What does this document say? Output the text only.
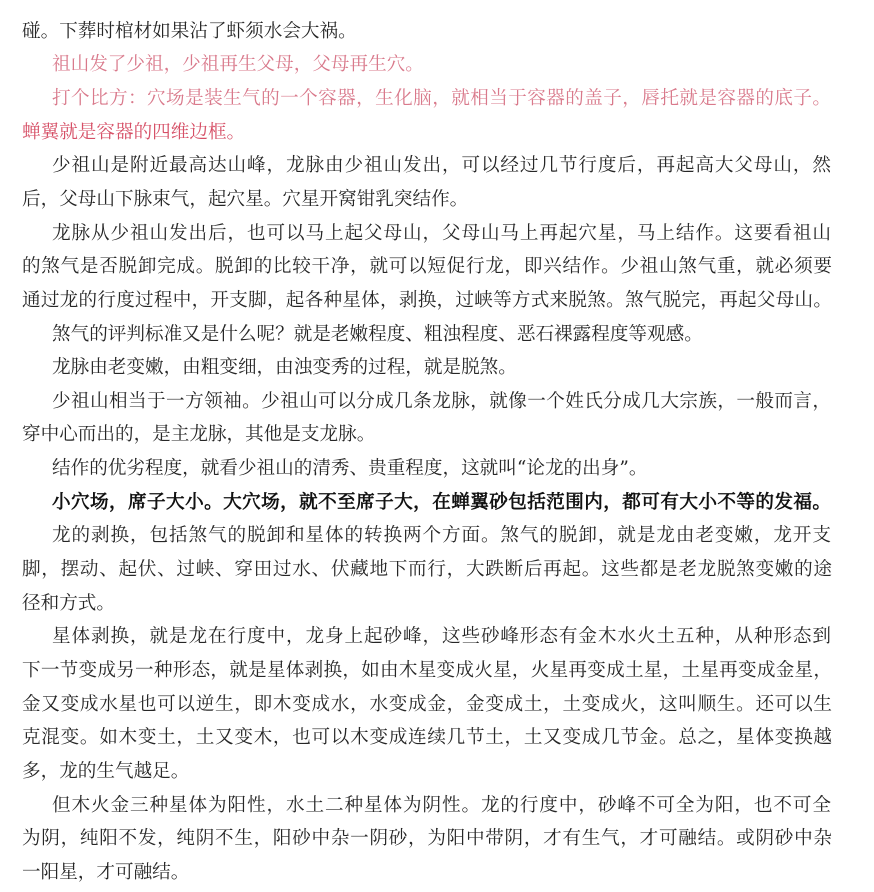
碰。下葬时棺材如果沾了虾须水会大祸。
祖山发了少祖，少祖再生父母，父母再生穴。
打个比方：穴场是装生气的一个容器，生化脑，就相当于容器的盖子，唇托就是容器的底子。
蝉翼就是容器的四维边框。
少祖山是附近最高达山峰，龙脉由少祖山发出，可以经过几节行度后，再起高大父母山，然
后，父母山下脉束气，起穴星。穴星开窝钳乳突结作。
龙脉从少祖山发出后，也可以马上起父母山，父母山马上再起穴星，马上结作。这要看祖山
的煞气是否脱卸完成。脱卸的比较干净，就可以短促行龙，即兴结作。少祖山煞气重，就必须要
通过龙的行度过程中，开支脚，起各种星体，剥换，过峡等方式来脱煞。煞气脱完，再起父母山。
煞气的评判标准又是什么呢？就是老嫩程度、粗浊程度、恶石裸露程度等观感。
龙脉由老变嫩，由粗变细，由浊变秀的过程，就是脱煞。
少祖山相当于一方领袖。少祖山可以分成几条龙脉，就像一个姓氏分成几大宗族，一般而言，
穿中心而出的，是主龙脉，其他是支龙脉。
结作的优劣程度，就看少祖山的清秀、贵重程度，这就叫“论龙的出身”。
小穴场，席子大小。大穴场，就不至席子大，在蝉翼砂包括范围内，都可有大小不等的发福。
龙的剥换，包括煞气的脱卸和星体的转换两个方面。煞气的脱卸，就是龙由老变嫩，龙开支
脚，摆动、起伏、过峡、穿田过水、伏藏地下而行，大跌断后再起。这些都是老龙脱煞变嫩的途
径和方式。
星体剥换，就是龙在行度中，龙身上起砂峰，这些砂峰形态有金木水火土五种，从种形态到
下一节变成另一种形态，就是星体剥换，如由木星变成火星，火星再变成土星，土星再变成金星，
金又变成水星也可以逆生，即木变成水，水变成金，金变成土，土变成火，这叫顺生。还可以生
克混变。如木变土，土又变木，也可以木变成连续几节土，土又变成几节金。总之，星体变换越
多，龙的生气越足。
但木火金三种星体为阳性，水土二种星体为阴性。龙的行度中，砂峰不可全为阳，也不可全
为阴，纯阳不发，纯阴不生，阳砂中杂一阴砂，为阳中带阴，才有生气，才可融结。或阴砂中杂
一阳星，才可融结。
